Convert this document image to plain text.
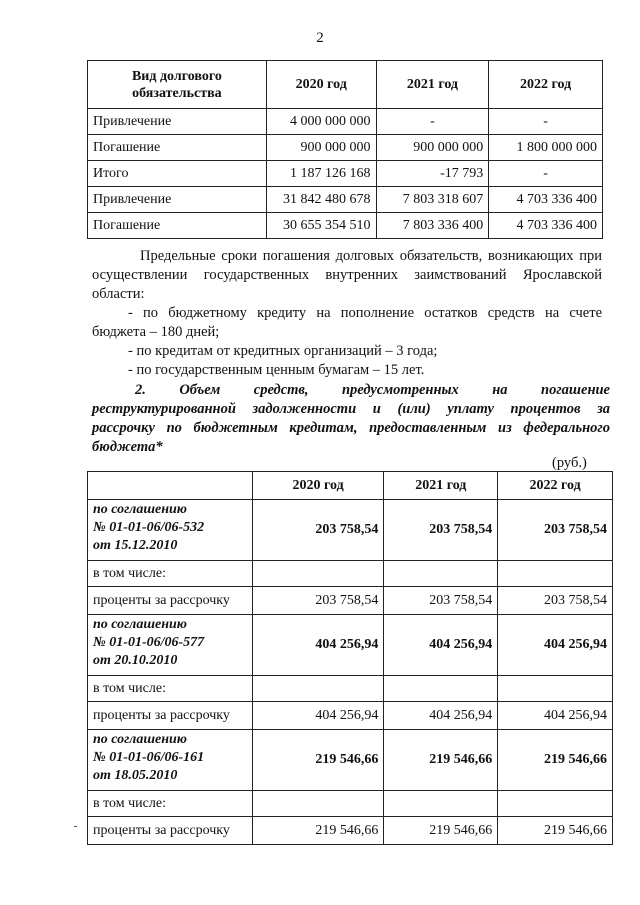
2
Вид долгового обязательства	2020 год	2021 год	2022 год
Привлечение	4 000 000 000	-	-
Погашение	900 000 000	900 000 000	1 800 000 000
Итого	1 187 126 168	-17 793	-
Привлечение	31 842 480 678	7 803 318 607	4 703 336 400
Погашение	30 655 354 510	7 803 336 400	4 703 336 400
Предельные сроки погашения долговых обязательств, возникающих при
осуществлении государственных внутренних заимствований Ярославской
области:
- по бюджетному кредиту на пополнение остатков средств на счете
бюджета – 180 дней;
- по кредитам от кредитных организаций – 3 года;
- по государственным ценным бумагам – 15 лет.
2. Объем средств, предусмотренных на погашение
реструктурированной задолженности и (или) уплату процентов за
рассрочку по бюджетным кредитам, предоставленным из федерального
бюджета*
(руб.)
	2020 год	2021 год	2022 год

по соглашению
№ 01-01-06/06-532
от 15.12.2010	203 758,54	203 758,54	203 758,54
в том числе:			
проценты за рассрочку	203 758,54	203 758,54	203 758,54

по соглашению
№ 01-01-06/06-577
от 20.10.2010	404 256,94	404 256,94	404 256,94
в том числе:			
проценты за рассрочку	404 256,94	404 256,94	404 256,94

по соглашению
№ 01-01-06/06-161
от 18.05.2010	219 546,66	219 546,66	219 546,66
в том числе:			
проценты за рассрочку	219 546,66	219 546,66	219 546,66
